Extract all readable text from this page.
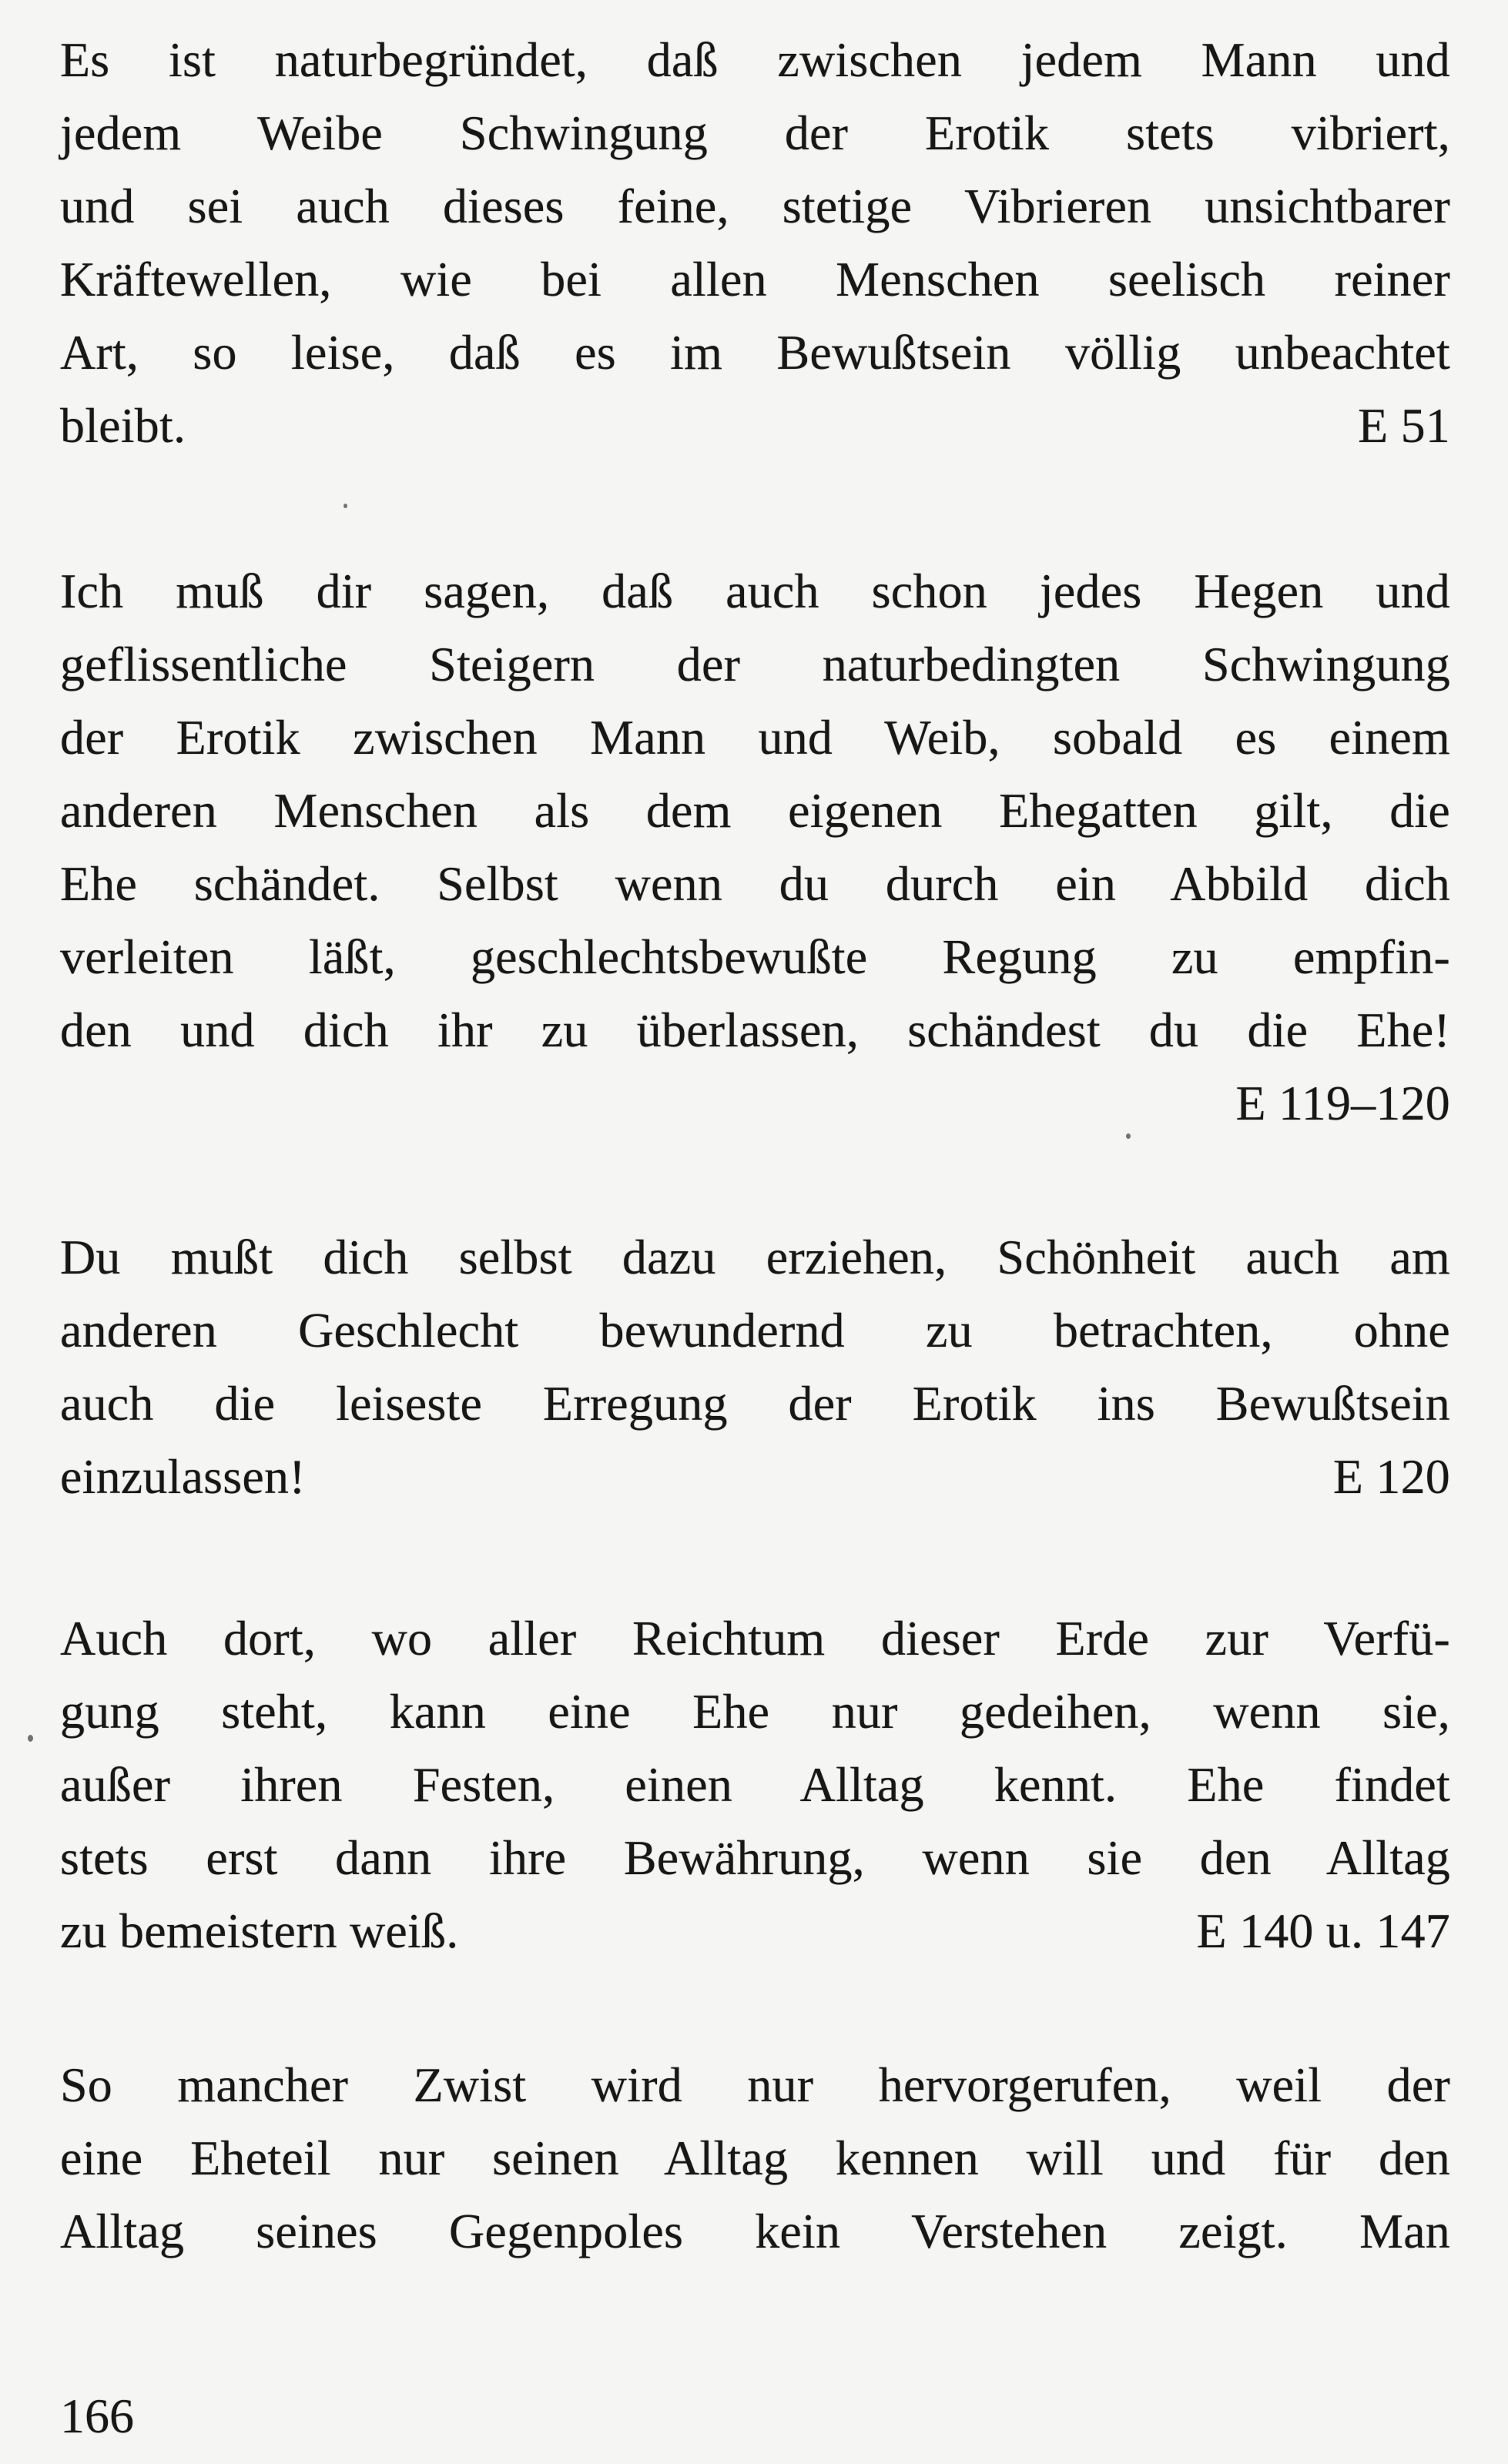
Es ist naturbegründet, daß zwischen jedem Mann und
jedem Weibe Schwingung der Erotik stets vibriert,
und sei auch dieses feine, stetige Vibrieren unsichtbarer
Kräftewellen, wie bei allen Menschen seelisch reiner
Art, so leise, daß es im Bewußtsein völlig unbeachtet
bleibt.	E 51
Ich muß dir sagen, daß auch schon jedes Hegen und
geflissentliche Steigern der naturbedingten Schwingung
der Erotik zwischen Mann und Weib, sobald es einem
anderen Menschen als dem eigenen Ehegatten gilt, die
Ehe schändet. Selbst wenn du durch ein Abbild dich
verleiten läßt, geschlechtsbewußte Regung zu empfin-
den und dich ihr zu überlassen, schändest du die Ehe!
E 119–120
Du mußt dich selbst dazu erziehen, Schönheit auch am
anderen Geschlecht bewundernd zu betrachten, ohne
auch die leiseste Erregung der Erotik ins Bewußtsein
einzulassen!	E 120
Auch dort, wo aller Reichtum dieser Erde zur Verfü-
gung steht, kann eine Ehe nur gedeihen, wenn sie,
außer ihren Festen, einen Alltag kennt. Ehe findet
stets erst dann ihre Bewährung, wenn sie den Alltag
zu bemeistern weiß.	E 140 u. 147
So mancher Zwist wird nur hervorgerufen, weil der
eine Eheteil nur seinen Alltag kennen will und für den
Alltag seines Gegenpoles kein Verstehen zeigt. Man
166
